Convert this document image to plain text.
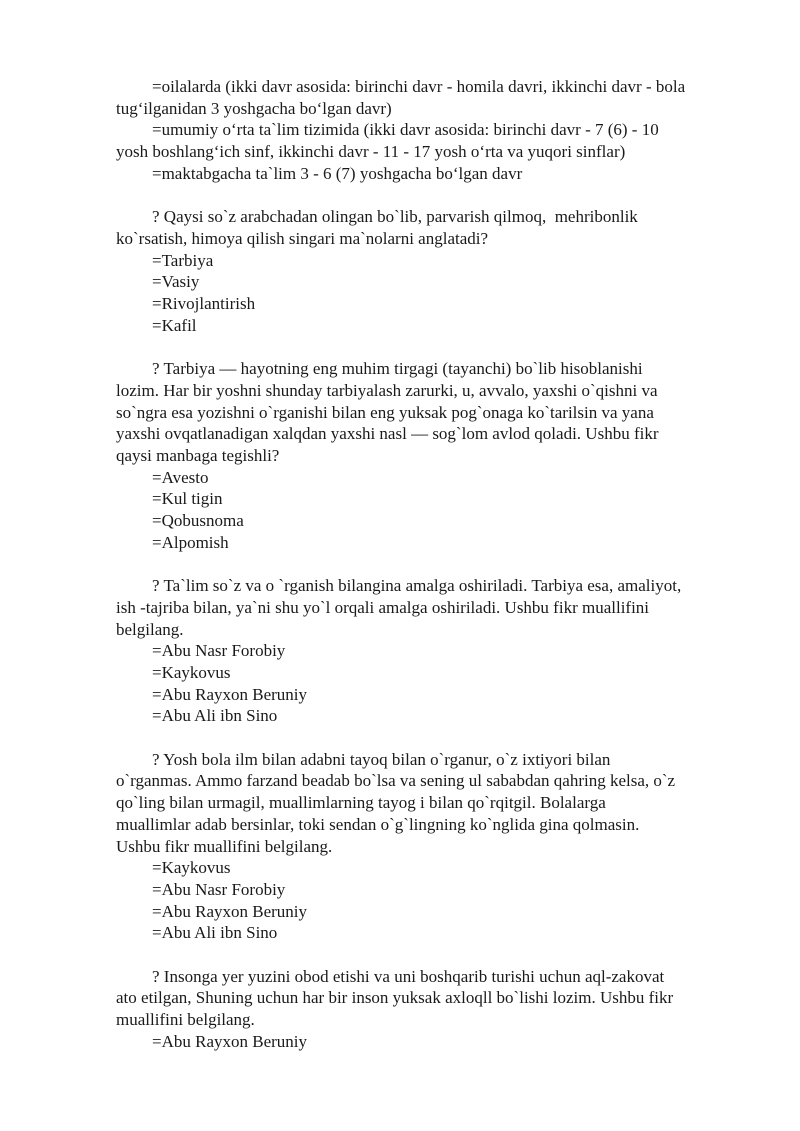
=oilalarda (ikki davr asosida: birinchi davr - homila davri, ikkinchi davr - bola
tug‘ilganidan 3 yoshgacha bo‘lgan davr)
=umumiy o‘rta ta`lim tizimida (ikki davr asosida: birinchi davr - 7 (6) - 10
yosh boshlang‘ich sinf, ikkinchi davr - 11 - 17 yosh o‘rta va yuqori sinflar)
=maktabgacha ta`lim 3 - 6 (7) yoshgacha bo‘lgan davr
? Qaysi so`z arabchadan olingan bo`lib, parvarish qilmoq,  mehribonlik
ko`rsatish, himoya qilish singari ma`nolarni anglatadi?
=Tarbiya
=Vasiy
=Rivojlantirish
=Kafil
? Tarbiya — hayotning eng muhim tirgagi (tayanchi) bo`lib hisoblanishi
lozim. Har bir yoshni shunday tarbiyalash zarurki, u, avvalo, yaxshi o`qishni va
so`ngra esa yozishni o`rganishi bilan eng yuksak pog`onaga ko`tarilsin va yana
yaxshi ovqatlanadigan xalqdan yaxshi nasl — sog`lom avlod qoladi. Ushbu fikr
qaysi manbaga tegishli?
=Avesto
=Kul tigin
=Qobusnoma
=Alpomish
? Ta`lim so`z va o `rganish bilangina amalga oshiriladi. Tarbiya esa, amaliyot,
ish -tajriba bilan, ya`ni shu yo`l orqali amalga oshiriladi. Ushbu fikr muallifini
belgilang.
=Abu Nasr Forobiy
=Kaykovus
=Abu Rayxon Beruniy
=Abu Ali ibn Sino
? Yosh bola ilm bilan adabni tayoq bilan o`rganur, o`z ixtiyori bilan
o`rganmas. Ammo farzand beadab bo`lsa va sening ul sababdan qahring kelsa, o`z
qo`ling bilan urmagil, muallimlarning tayog i bilan qo`rqitgil. Bolalarga
muallimlar adab bersinlar, toki sendan o`g`lingning ko`nglida gina qolmasin.
Ushbu fikr muallifini belgilang.
=Kaykovus
=Abu Nasr Forobiy
=Abu Rayxon Beruniy
=Abu Ali ibn Sino
? Insonga yer yuzini obod etishi va uni boshqarib turishi uchun aql-zakovat
ato etilgan, Shuning uchun har bir inson yuksak axloqll bo`lishi lozim. Ushbu fikr
muallifini belgilang.
=Abu Rayxon Beruniy
